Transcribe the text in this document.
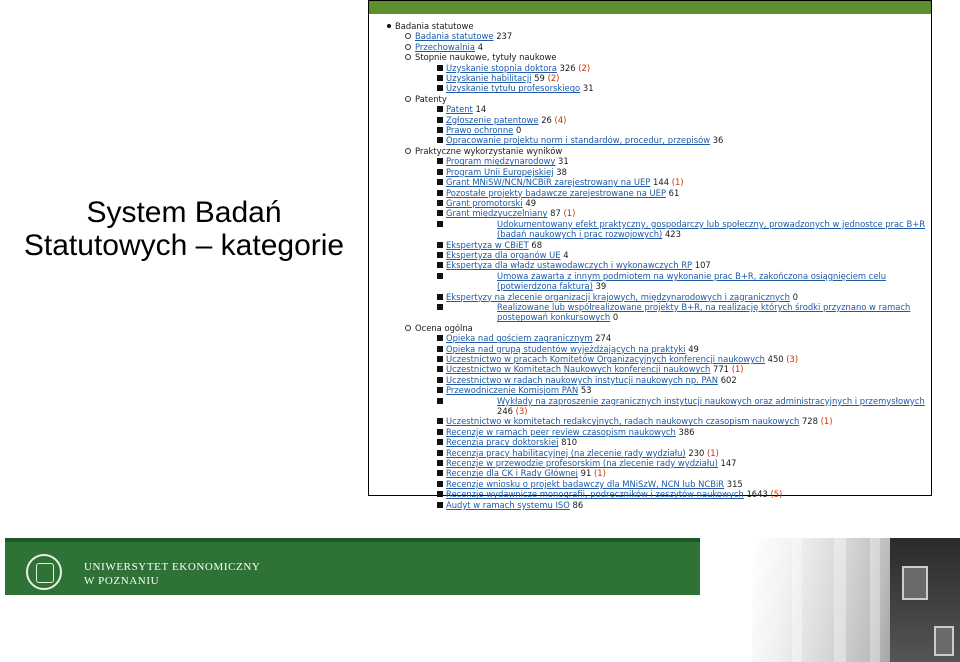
System Badań
Statutowych – kategorie
Badania statutowe
Badania statutowe 237
Przechowalnia 4
Stopnie naukowe, tytuły naukowe
Uzyskanie stopnia doktora 326 (2)
Uzyskanie habilitacji 59 (2)
Uzyskanie tytułu profesorskiego 31
Patenty
Patent 14
Zgłoszenie patentowe 26 (4)
Prawo ochronne 0
Opracowanie projektu norm i standardów, procedur, przepisów 36
Praktyczne wykorzystanie wyników
Program międzynarodowy 31
Program Unii Europejskiej 38
Grant MNiSW/NCN/NCBiR zarejestrowany na UEP 144 (1)
Pozostałe projekty badawcze zarejestrowane na UEP 61
Grant promotorski 49
Grant międzyuczelniany 87 (1)
Udokumentowany efekt praktyczny, gospodarczy lub społeczny, prowadzonych w jednostce prac B+R (badań naukowych i prac rozwojowych) 423
Ekspertyza w CBiET 68
Ekspertyza dla organów UE 4
Ekspertyza dla władz ustawodawczych i wykonawczych RP 107
Umowa zawarta z innym podmiotem na wykonanie prac B+R, zakończona osiągnięciem celu (potwierdzona fakturą) 39
Ekspertyzy na zlecenie organizacji krajowych, międzynarodowych i zagranicznych 0
Realizowane lub współrealizowane projekty B+R, na realizację których środki przyznano w ramach postępowań konkursowych 0
Ocena ogólna
Opieka nad gościem zagranicznym 274
Opieka nad grupą studentów wyjeżdżających na praktyki 49
Uczestnictwo w pracach Komitetów Organizacyjnych konferencji naukowych 450 (3)
Uczestnictwo w Komitetach Naukowych konferencji naukowych 771 (1)
Uczestnictwo w radach naukowych instytucji naukowych np. PAN 602
Przewodniczenie Komisjom PAN 53
Wykłady na zaproszenie zagranicznych instytucji naukowych oraz administracyjnych i przemysłowych 246 (3)
Uczestnictwo w komitetach redakcyjnych, radach naukowych czasopism naukowych 728 (1)
Recenzje w ramach peer review czasopism naukowych 386
Recenzja pracy doktorskiej 810
Recenzja pracy habilitacyjnej (na zlecenie rady wydziału) 230 (1)
Recenzje w przewodzie profesorskim (na zlecenie rady wydziału) 147
Recenzje dla CK i Rady Głównej 91 (1)
Recenzje wniosku o projekt badawczy dla MNiSzW, NCN lub NCBiR 315
Recenzje wydawnicze monografii, podręczników i zeszytów naukowych 1643 (5)
Audyt w ramach systemu ISO 86
UNIWERSYTET EKONOMICZNY
W POZNANIU
